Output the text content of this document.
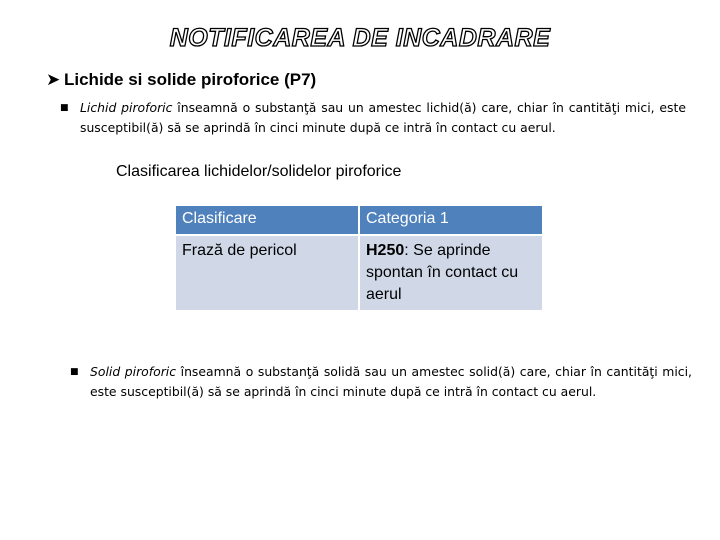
NOTIFICAREA DE INCADRARE
➤ Lichide si solide piroforice (P7)
■ Lichid piroforic înseamnă o substanţă sau un amestec lichid(ă) care, chiar în cantităţi mici, este susceptibil(ă) să se aprindă în cinci minute după ce intră în contact cu aerul.
Clasificarea lichidelor/solidelor piroforice
Clasificare	Categoria 1
Frază de pericol	H250: Se aprinde spontan în contact cu aerul
■ Solid piroforic înseamnă o substanţă solidă sau un amestec solid(ă) care, chiar în cantităţi mici, este susceptibil(ă) să se aprindă în cinci minute după ce intră în contact cu aerul.
